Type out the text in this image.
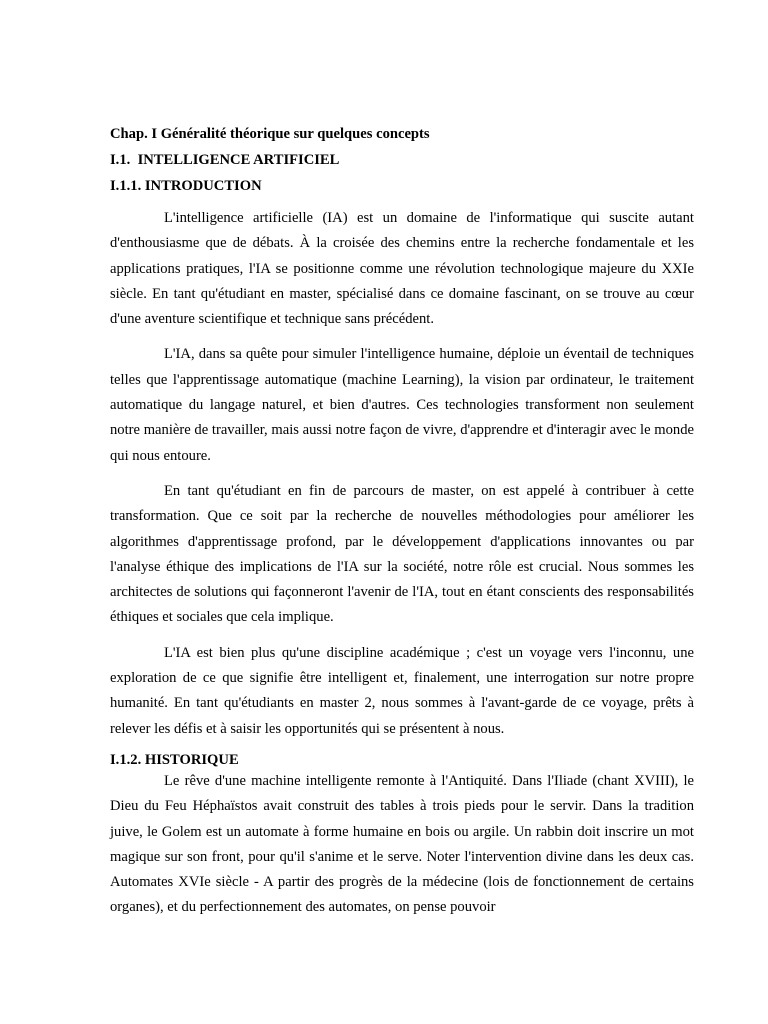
Chap. I Généralité théorique sur quelques concepts

I.1.  INTELLIGENCE ARTIFICIEL

I.1.1. INTRODUCTION

L'intelligence artificielle (IA) est un domaine de l'informatique qui suscite autant d'enthousiasme que de débats. À la croisée des chemins entre la recherche fondamentale et les applications pratiques, l'IA se positionne comme une révolution technologique majeure du XXIe siècle. En tant qu'étudiant en master, spécialisé dans ce domaine fascinant, on se trouve au cœur d'une aventure scientifique et technique sans précédent.

L'IA, dans sa quête pour simuler l'intelligence humaine, déploie un éventail de techniques telles que l'apprentissage automatique (machine Learning), la vision par ordinateur, le traitement automatique du langage naturel, et bien d'autres. Ces technologies transforment non seulement notre manière de travailler, mais aussi notre façon de vivre, d'apprendre et d'interagir avec le monde qui nous entoure.

En tant qu'étudiant en fin de parcours de master, on est appelé à contribuer à cette transformation. Que ce soit par la recherche de nouvelles méthodologies pour améliorer les algorithmes d'apprentissage profond, par le développement d'applications innovantes ou par l'analyse éthique des implications de l'IA sur la société, notre rôle est crucial. Nous sommes les architectes de solutions qui façonneront l'avenir de l'IA, tout en étant conscients des responsabilités éthiques et sociales que cela implique.

L'IA est bien plus qu'une discipline académique ; c'est un voyage vers l'inconnu, une exploration de ce que signifie être intelligent et, finalement, une interrogation sur notre propre humanité. En tant qu'étudiants en master 2, nous sommes à l'avant-garde de ce voyage, prêts à relever les défis et à saisir les opportunités qui se présentent à nous.

I.1.2. HISTORIQUE

Le rêve d'une machine intelligente remonte à l'Antiquité. Dans l'Iliade (chant XVIII), le Dieu du Feu Héphaïstos avait construit des tables à trois pieds pour le servir. Dans la tradition juive, le Golem est un automate à forme humaine en bois ou argile. Un rabbin doit inscrire un mot magique sur son front, pour qu'il s'anime et le serve. Noter l'intervention divine dans les deux cas. Automates XVIe siècle - A partir des progrès de la médecine (lois de fonctionnement de certains organes), et du perfectionnement des automates, on pense pouvoir
